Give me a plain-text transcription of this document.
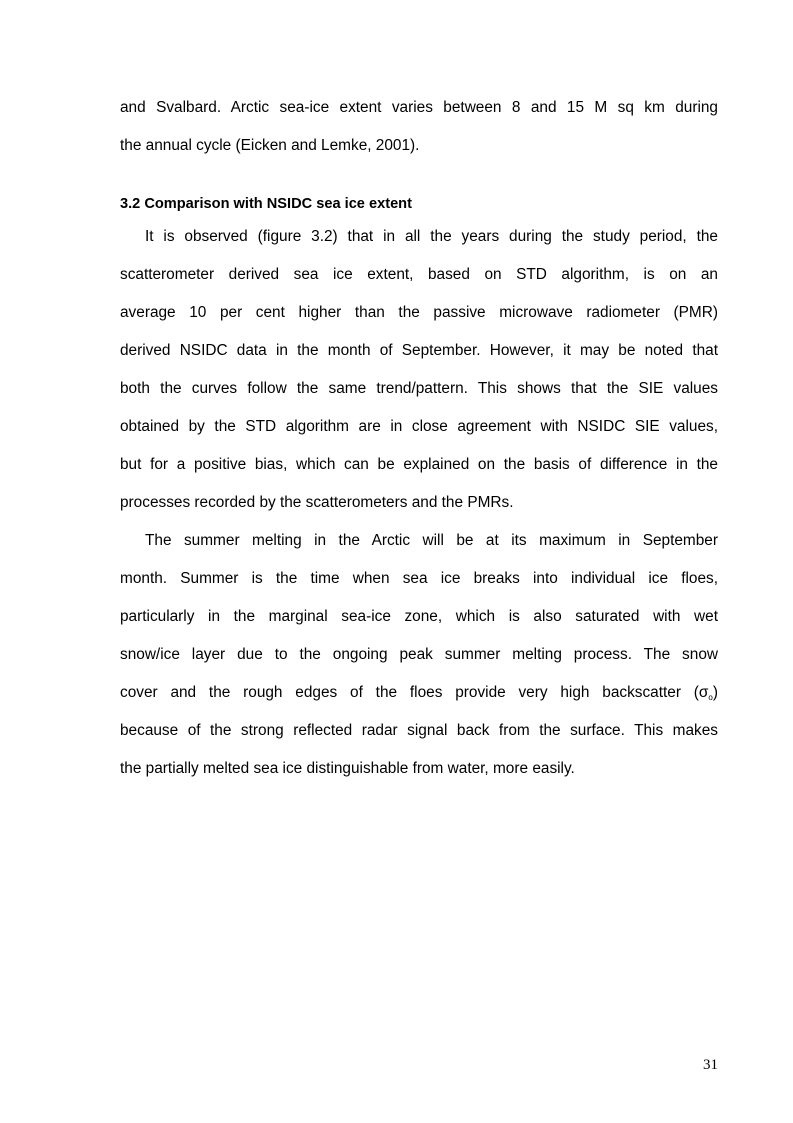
and Svalbard. Arctic sea-ice extent varies between 8 and 15 M sq km during
the annual cycle (Eicken and Lemke, 2001).
3.2 Comparison with NSIDC sea ice extent
It is observed (figure 3.2) that in all the years during the study period, the
scatterometer derived sea ice extent, based on STD algorithm, is on an
average 10 per cent higher than the passive microwave radiometer (PMR)
derived NSIDC data in the month of September. However, it may be noted that
both the curves follow the same trend/pattern. This shows that the SIE values
obtained by the STD algorithm are in close agreement with NSIDC SIE values,
but for a positive bias, which can be explained on the basis of difference in the
processes recorded by the scatterometers and the PMRs.
The summer melting in the Arctic will be at its maximum in September
month. Summer is the time when sea ice breaks into individual ice floes,
particularly in the marginal sea-ice zone, which is also saturated with wet
snow/ice layer due to the ongoing peak summer melting process. The snow
cover and the rough edges of the floes provide very high backscatter $(\sigma_o)$
because of the strong reflected radar signal back from the surface. This makes
the partially melted sea ice distinguishable from water, more easily.
31
